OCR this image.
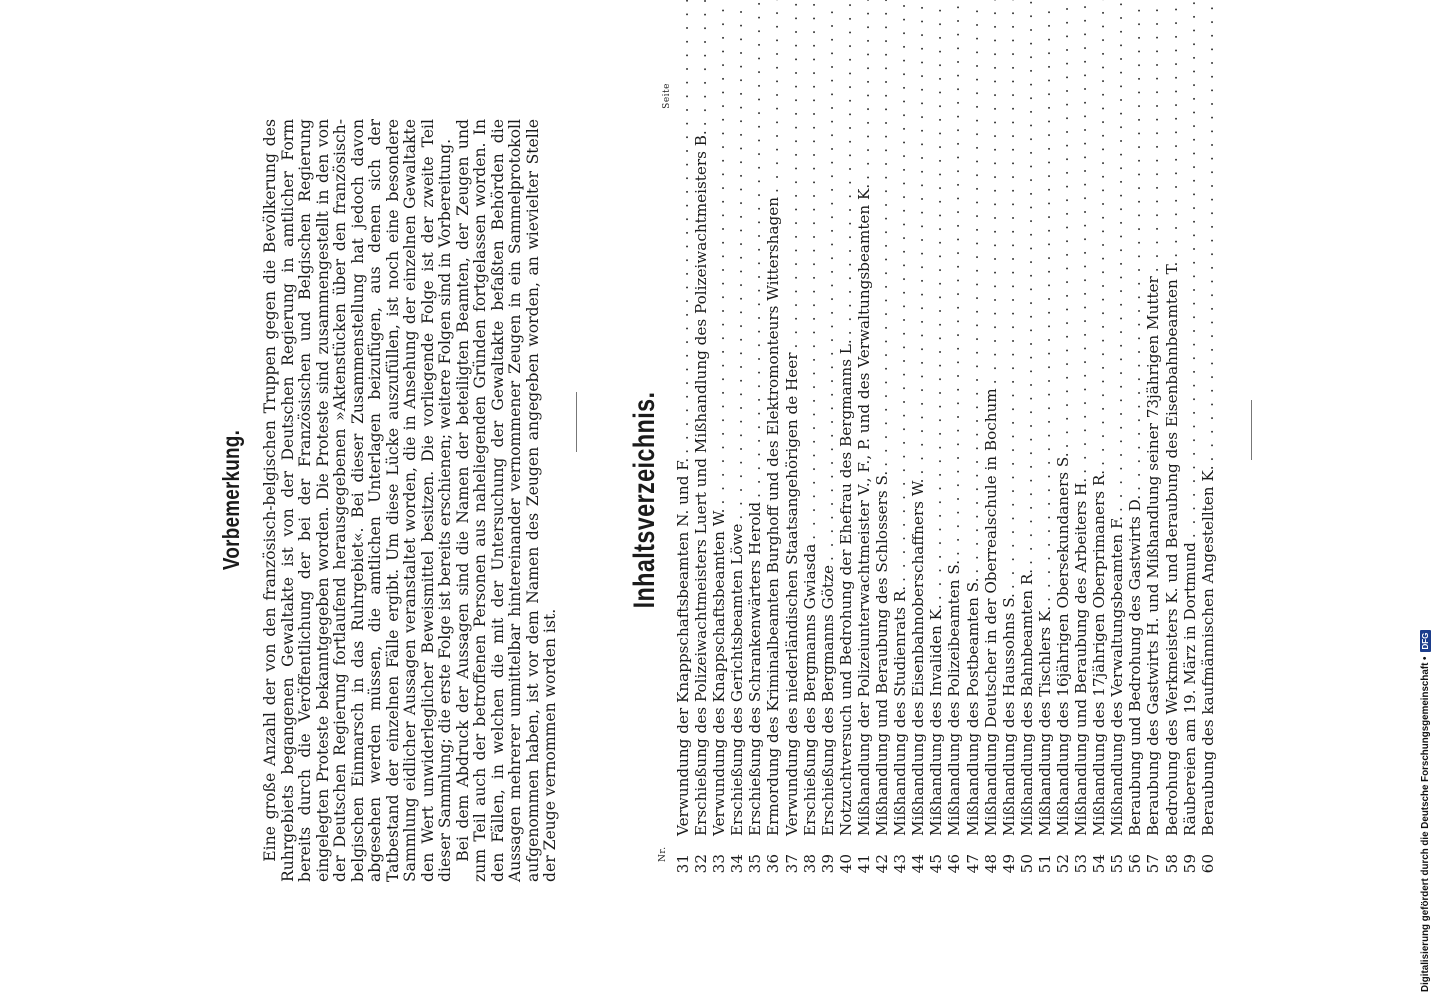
Vorbemerkung. Eine große Anzahl der von den französisch-belgischen Truppen gegen die Bevölkerung des Ruhrgebiets begangenen Gewaltakte ist von der Deutschen Regierung in amtlicher Form bereits durch die Veröffentlichung der bei der Französischen und Belgischen Regierung eingelegten Proteste bekanntgegeben worden. Die Proteste sind zusammengestellt in den von der Deutschen Regierung fortlaufend herausgegebenen »Aktenstücken über den französisch-belgischen Einmarsch in das Ruhrgebiet«. Bei dieser Zusammenstellung hat jedoch davon abgesehen werden müssen, die amtlichen Unterlagen beizufügen, aus denen sich der Tatbestand der einzelnen Fälle ergibt. Um diese Lücke auszufüllen, ist noch eine besondere Sammlung eidlicher Aussagen veranstaltet worden, die in Ansehung der einzelnen Gewaltakte den Wert unwiderleglicher Beweismittel besitzen. Die vorliegende Folge ist der zweite Teil dieser Sammlung; die erste Folge ist bereits erschienen; weitere Folgen sind in Vorbereitung. Bei dem Abdruck der Aussagen sind die Namen der beteiligten Beamten, der Zeugen und zum Teil auch der betroffenen Personen aus naheliegenden Gründen fortgelassen worden. In den Fällen, in welchen die mit der Untersuchung der Gewaltakte befaßten Behörden die Aussagen mehrerer unmittelbar hintereinander vernommener Zeugen in ein Sammelprotokoll aufgenommen haben, ist vor dem Namen des Zeugen angegeben worden, an wievielter Stelle der Zeuge vernommen worden ist.

Inhaltsverzeichnis.
Nr.
Seite
31
Verwundung der Knappschaftsbeamten N. und F.
. . .
32
Erschießung des Polizeiwachtmeisters Luert und Mißhandlung des Polizeiwachtmeisters B.
. . .
33
Verwundung des Knappschaftsbeamten W.
. . .
34
Erschießung des Gerichtsbeamten Löwe
. . .
35
Erschießung des Schrankenwärters Herold
. . .
36
Ermordung des Kriminalbeamten Burghoff und des Elektromonteurs Wittershagen
. . .
37
Verwundung des niederländischen Staatsangehörigen de Heer
. . .
38
Erschießung des Bergmanns Gwiasda
. . .
39
Erschießung des Bergmanns Götze
. . .
40
Notzuchtversuch und Bedrohung der Ehefrau des Bergmanns L.
. . .
41
Mißhandlung der Polizeiunterwachtmeister V., F., P. und des Verwaltungsbeamten K.
. . .
42
Mißhandlung und Beraubung des Schlossers S.
. . .
43
Mißhandlung des Studienrats R.
. . .
44
Mißhandlung des Eisenbahnoberschaffners W.
. . .
45
Mißhandlung des Invaliden K.
. . .
46
Mißhandlung des Polizeibeamten S.
. . .
47
Mißhandlung des Postbeamten S.
. . .
48
Mißhandlung Deutscher in der Oberrealschule in Bochum
. . .
49
Mißhandlung des Haussohns S.
. . .
50
Mißhandlung des Bahnbeamten R.
. . .
51
Mißhandlung des Tischlers K.
. . .
52
Mißhandlung des 16jährigen Obersekundaners S.
. . .
53
Mißhandlung und Beraubung des Arbeiters H.
. . .
54
Mißhandlung des 17jährigen Oberprimaners R.
. . .
55
Mißhandlung des Verwaltungsbeamten F.
. . .
56
Beraubung und Bedrohung des Gastwirts D.
. . .
57
Beraubung des Gastwirts H. und Mißhandlung seiner 73jährigen Mutter
. . .
58
Bedrohung des Werkmeisters K. und Beraubung des Eisenbahnbeamten T.
. . .
59
Räubereien am 19. März in Dortmund
. . .
60
Beraubung des kaufmännischen Angestellten K.
. . .	Digitalisierung gefördert durch die Deutsche Forschungsgemeinschaft •
DFG
